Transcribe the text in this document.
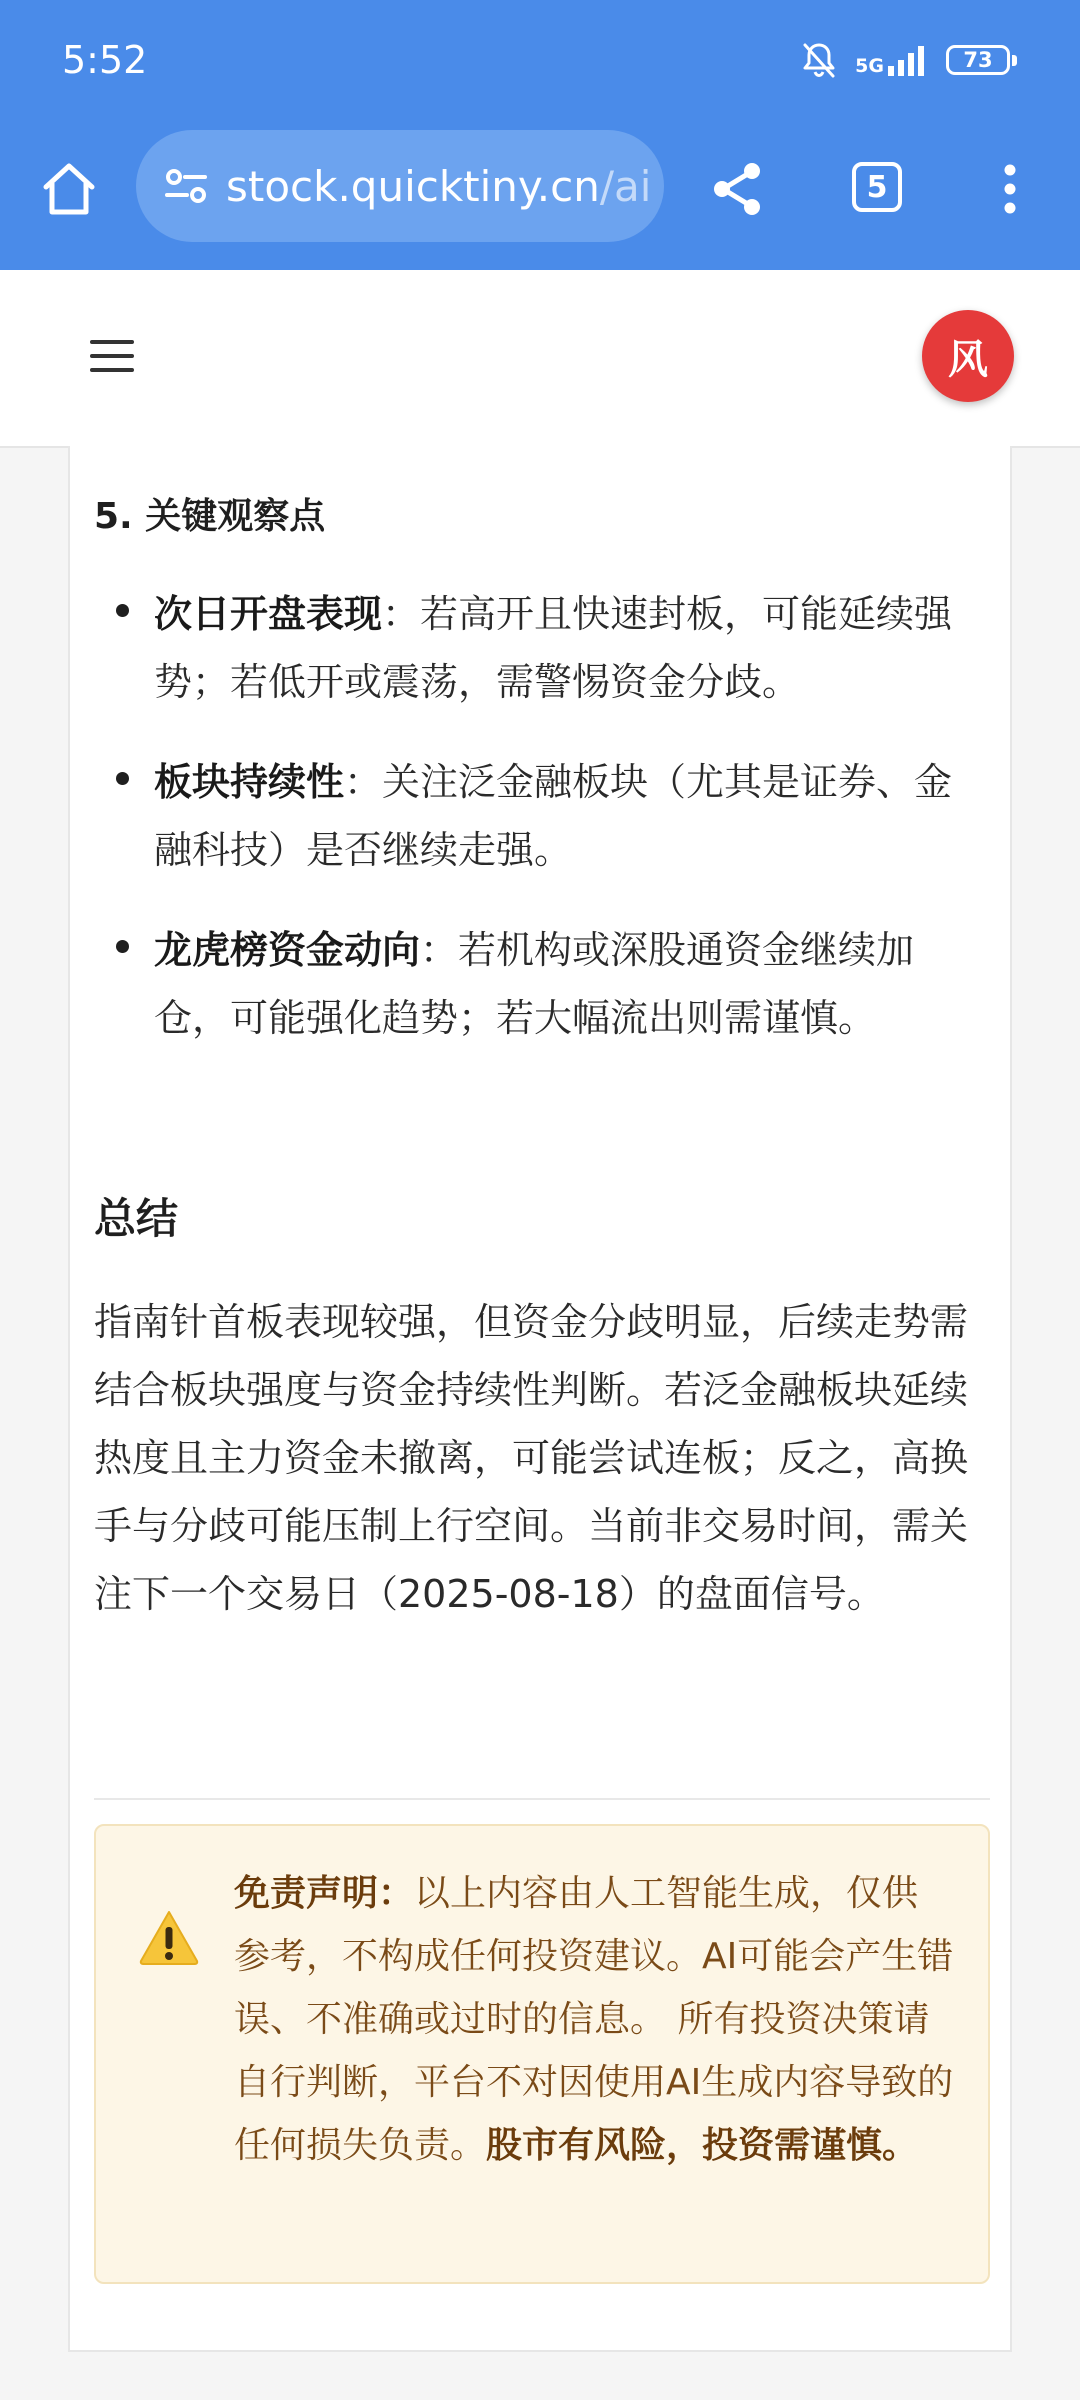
5:52	5G	73
stock.quicktiny.cn/ai	5
风
5. 关键观察点
次日开盘表现：若高开且快速封板，可能延续强势；若低开或震荡，需警惕资金分歧。
板块持续性：关注泛金融板块（尤其是证券、金融科技）是否继续走强。
龙虎榜资金动向：若机构或深股通资金继续加仓，可能强化趋势；若大幅流出则需谨慎。
总结
指南针首板表现较强，但资金分歧明显，后续走势需结合板块强度与资金持续性判断。若泛金融板块延续热度且主力资金未撤离，可能尝试连板；反之，高换手与分歧可能压制上行空间。当前非交易时间，需关注下一个交易日（2025-08-18）的盘面信号。
免责声明：以上内容由人工智能生成，仅供参考，不构成任何投资建议。AI可能会产生错误、不准确或过时的信息。 所有投资决策请自行判断，平台不对因使用AI生成内容导致的任何损失负责。股市有风险，投资需谨慎。
